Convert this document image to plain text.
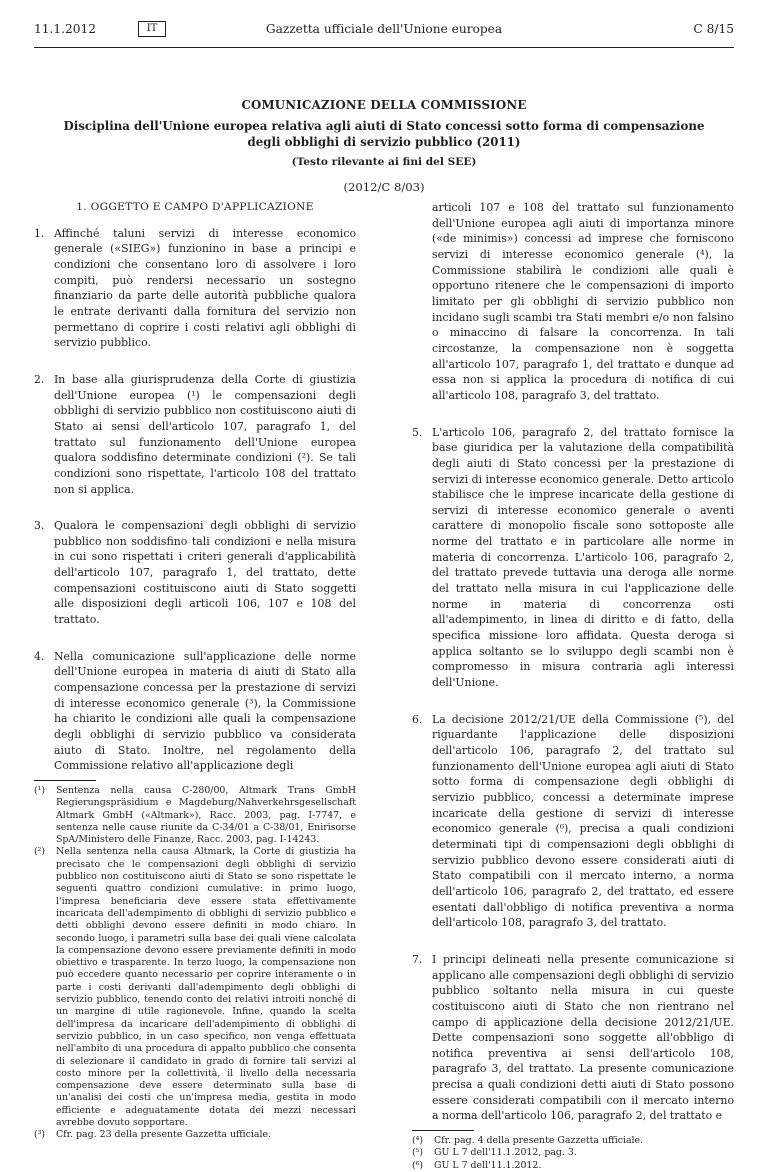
11.1.2012	IT	Gazzetta ufficiale dell'Unione europea	C 8/15
COMUNICAZIONE DELLA COMMISSIONE
Disciplina dell'Unione europea relativa agli aiuti di Stato concessi sotto forma di compensazione degli obblighi di servizio pubblico (2011)
(Testo rilevante ai fini del SEE)
(2012/C 8/03)
1. OGGETTO E CAMPO D'APPLICAZIONE
1. Affinché taluni servizi di interesse economico generale («SIEG») funzionino in base a principi e condizioni che consentano loro di assolvere i loro compiti, può rendersi necessario un sostegno finanziario da parte delle autorità pubbliche qualora le entrate derivanti dalla fornitura del servizio non permettano di coprire i costi relativi agli obblighi di servizio pubblico.
2. In base alla giurisprudenza della Corte di giustizia dell'Unione europea (¹) le compensazioni degli obblighi di servizio pubblico non costituiscono aiuti di Stato ai sensi dell'articolo 107, paragrafo 1, del trattato sul funzionamento dell'Unione europea qualora soddisfino determinate condizioni (²). Se tali condizioni sono rispettate, l'articolo 108 del trattato non si applica.
3. Qualora le compensazioni degli obblighi di servizio pubblico non soddisfino tali condizioni e nella misura in cui sono rispettati i criteri generali d'applicabilità dell'articolo 107, paragrafo 1, del trattato, dette compensazioni costituiscono aiuti di Stato soggetti alle disposizioni degli articoli 106, 107 e 108 del trattato.
4. Nella comunicazione sull'applicazione delle norme dell'Unione europea in materia di aiuti di Stato alla compensazione concessa per la prestazione di servizi di interesse economico generale (³), la Commissione ha chiarito le condizioni alle quali la compensazione degli obblighi di servizio pubblico va considerata aiuto di Stato. Inoltre, nel regolamento della Commissione relativo all'applicazione degli
(¹)	Sentenza nella causa C-280/00, Altmark Trans GmbH Regierungspräsidium e Magdeburg/Nahverkehrsgesellschaft Altmark GmbH («Altmark»), Racc. 2003, pag. I-7747, e sentenza nelle cause riunite da C-34/01 a C-38/01, Enirisorse SpA/Ministero delle Finanze, Racc. 2003, pag. I-14243.
(²)	Nella sentenza nella causa Altmark, la Corte di giustizia ha precisato che le compensazioni degli obblighi di servizio pubblico non costituiscono aiuti di Stato se sono rispettate le seguenti quattro condizioni cumulative: in primo luogo, l'impresa beneficiaria deve essere stata effettivamente incaricata dell'adempimento di obblighi di servizio pubblico e detti obblighi devono essere definiti in modo chiaro. In secondo luogo, i parametri sulla base dei quali viene calcolata la compensazione devono essere previamente definiti in modo obiettivo e trasparente. In terzo luogo, la compensazione non può eccedere quanto necessario per coprire interamente o in parte i costi derivanti dall'adempimento degli obblighi di servizio pubblico, tenendo conto dei relativi introiti nonché di un margine di utile ragionevole. Infine, quando la scelta dell'impresa da incaricare dell'adempimento di obblighi di servizio pubblico, in un caso specifico, non venga effettuata nell'ambito di una procedura di appalto pubblico che consenta di selezionare il candidato in grado di fornire tali servizi al costo minore per la collettività, il livello della necessaria compensazione deve essere determinato sulla base di un'analisi dei costi che un'impresa media, gestita in modo efficiente e adeguatamente dotata dei mezzi necessari avrebbe dovuto sopportare.
(³)	Cfr. pag. 23 della presente Gazzetta ufficiale.
articoli 107 e 108 del trattato sul funzionamento dell'Unione europea agli aiuti di importanza minore («de minimis») concessi ad imprese che forniscono servizi di interesse economico generale (⁴), la Commissione stabilirà le condizioni alle quali è opportuno ritenere che le compensazioni di importo limitato per gli obblighi di servizio pubblico non incidano sugli scambi tra Stati membri e/o non falsino o minaccino di falsare la concorrenza. In tali circostanze, la compensazione non è soggetta all'articolo 107, paragrafo 1, del trattato e dunque ad essa non si applica la procedura di notifica di cui all'articolo 108, paragrafo 3, del trattato.
5. L'articolo 106, paragrafo 2, del trattato fornisce la base giuridica per la valutazione della compatibilità degli aiuti di Stato concessi per la prestazione di servizi di interesse economico generale. Detto articolo stabilisce che le imprese incaricate della gestione di servizi di interesse economico generale o aventi carattere di monopolio fiscale sono sottoposte alle norme del trattato e in particolare alle norme in materia di concorrenza. L'articolo 106, paragrafo 2, del trattato prevede tuttavia una deroga alle norme del trattato nella misura in cui l'applicazione delle norme in materia di concorrenza osti all'adempimento, in linea di diritto e di fatto, della specifica missione loro affidata. Questa deroga si applica soltanto se lo sviluppo degli scambi non è compromesso in misura contraria agli interessi dell'Unione.
6. La decisione 2012/21/UE della Commissione (⁵), del riguardante l'applicazione delle disposizioni dell'articolo 106, paragrafo 2, del trattato sul funzionamento dell'Unione europea agli aiuti di Stato sotto forma di compensazione degli obblighi di servizio pubblico, concessi a determinate imprese incaricate della gestione di servizi di interesse economico generale (⁶), precisa a quali condizioni determinati tipi di compensazioni degli obblighi di servizio pubblico devono essere considerati aiuti di Stato compatibili con il mercato interno, a norma dell'articolo 106, paragrafo 2, del trattato, ed essere esentati dall'obbligo di notifica preventiva a norma dell'articolo 108, paragrafo 3, del trattato.
7. I principi delineati nella presente comunicazione si applicano alle compensazioni degli obblighi di servizio pubblico soltanto nella misura in cui queste costituiscono aiuti di Stato che non rientrano nel campo di applicazione della decisione 2012/21/UE. Dette compensazioni sono soggette all'obbligo di notifica preventiva ai sensi dell'articolo 108, paragrafo 3, del trattato. La presente comunicazione precisa a quali condizioni detti aiuti di Stato possono essere considerati compatibili con il mercato interno a norma dell'articolo 106, paragrafo 2, del trattato e
(⁴)	Cfr. pag. 4 della presente Gazzetta ufficiale.
(⁵)	GU L 7 dell'11.1.2012, pag. 3.
(⁶)	GU L 7 dell'11.1.2012.
